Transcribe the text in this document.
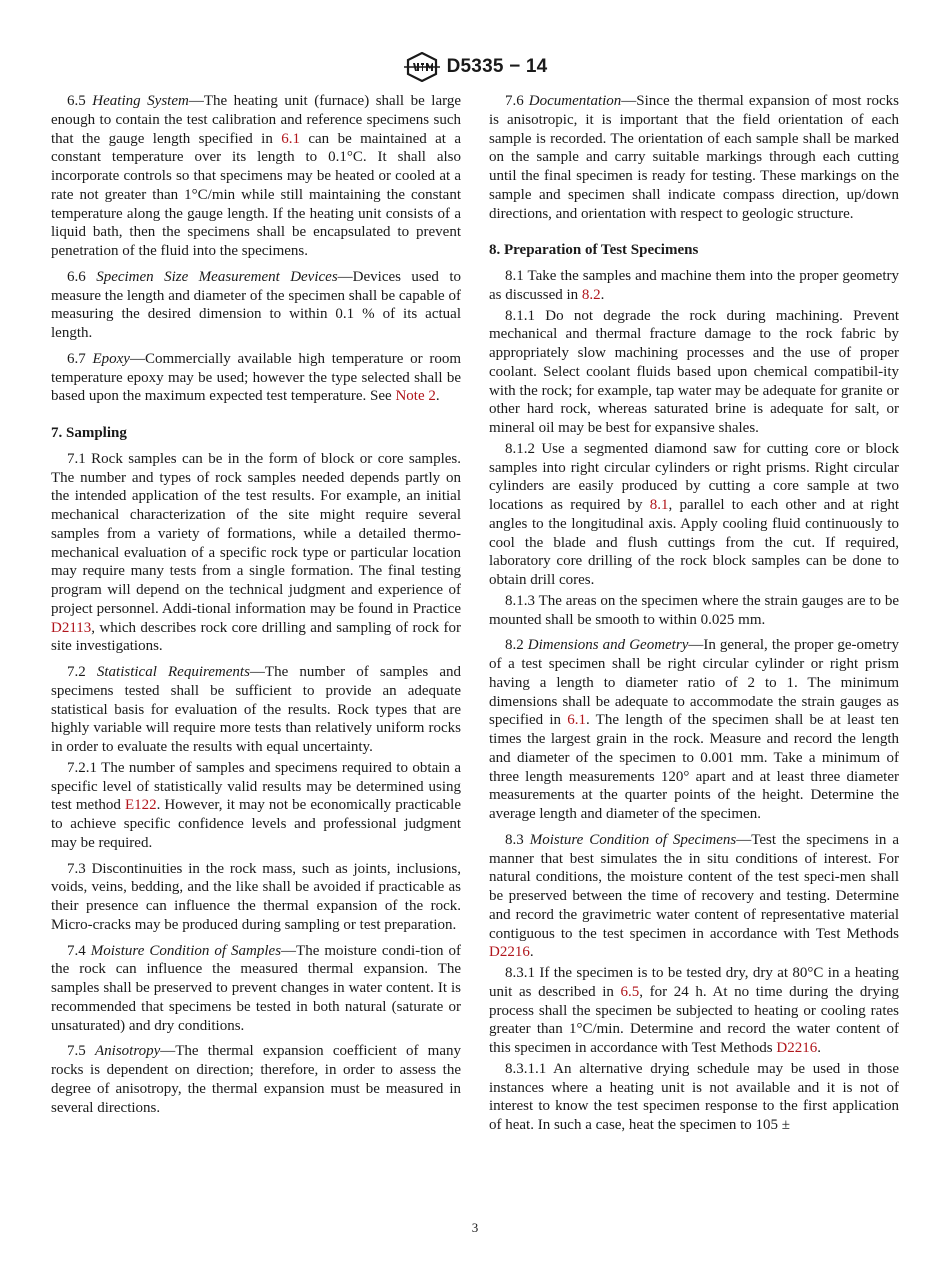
D5335 − 14

6.5 Heating System—The heating unit (furnace) shall be large enough to contain the test calibration and reference specimens such that the gauge length specified in 6.1 can be maintained at a constant temperature over its length to 0.1°C. It shall also incorporate controls so that specimens may be heated or cooled at a rate not greater than 1°C/min while still maintaining the constant temperature along the gauge length. If the heating unit consists of a liquid bath, then the specimens shall be encapsulated to prevent penetration of the fluid into the specimens.

6.6 Specimen Size Measurement Devices—Devices used to measure the length and diameter of the specimen shall be capable of measuring the desired dimension to within 0.1 % of its actual length.

6.7 Epoxy—Commercially available high temperature or room temperature epoxy may be used; however the type selected shall be based upon the maximum expected test temperature. See Note 2.

7. Sampling

7.1 Rock samples can be in the form of block or core samples. The number and types of rock samples needed depends partly on the intended application of the test results. For example, an initial mechanical characterization of the site might require several samples from a variety of formations, while a detailed thermo-mechanical evaluation of a specific rock type or particular location may require many tests from a single formation. The final testing program will depend on the technical judgment and experience of project personnel. Addi-tional information may be found in Practice D2113, which describes rock core drilling and sampling of rock for site investigations.

7.2 Statistical Requirements—The number of samples and specimens tested shall be sufficient to provide an adequate statistical basis for evaluation of the results. Rock types that are highly variable will require more tests than relatively uniform rocks in order to evaluate the results with equal uncertainty.

7.2.1 The number of samples and specimens required to obtain a specific level of statistically valid results may be determined using test method E122. However, it may not be economically practicable to achieve specific confidence levels and professional judgment may be required.

7.3 Discontinuities in the rock mass, such as joints, inclusions, voids, veins, bedding, and the like shall be avoided if practicable as their presence can influence the thermal expansion of the rock. Micro-cracks may be produced during sampling or test preparation.

7.4 Moisture Condition of Samples—The moisture condi-tion of the rock can influence the measured thermal expansion. The samples shall be preserved to prevent changes in water content. It is recommended that specimens be tested in both natural (saturate or unsaturated) and dry conditions.

7.5 Anisotropy—The thermal expansion coefficient of many rocks is dependent on direction; therefore, in order to assess the degree of anisotropy, the thermal expansion must be measured in several directions.

7.6 Documentation—Since the thermal expansion of most rocks is anisotropic, it is important that the field orientation of each sample is recorded. The orientation of each sample shall be marked on the sample and carry suitable markings through each cutting until the final specimen is ready for testing. These markings on the sample and specimen shall indicate compass direction, up/down directions, and orientation with respect to geologic structure.

8. Preparation of Test Specimens

8.1 Take the samples and machine them into the proper geometry as discussed in 8.2.

8.1.1 Do not degrade the rock during machining. Prevent mechanical and thermal fracture damage to the rock fabric by appropriately slow machining processes and the use of proper coolant. Select coolant fluids based upon chemical compatibil-ity with the rock; for example, tap water may be adequate for granite or other hard rock, whereas saturated brine is adequate for salt, or mineral oil may be best for expansive shales.

8.1.2 Use a segmented diamond saw for cutting core or block samples into right circular cylinders or right prisms. Right circular cylinders are easily produced by cutting a core sample at two locations as required by 8.1, parallel to each other and at right angles to the longitudinal axis. Apply cooling fluid continuously to cool the blade and flush cuttings from the cut. If required, laboratory core drilling of the rock block samples can be done to obtain drill cores.

8.1.3 The areas on the specimen where the strain gauges are to be mounted shall be smooth to within 0.025 mm.

8.2 Dimensions and Geometry—In general, the proper ge-ometry of a test specimen shall be right circular cylinder or right prism having a length to diameter ratio of 2 to 1. The minimum dimensions shall be adequate to accommodate the strain gauges as specified in 6.1. The length of the specimen shall be at least ten times the largest grain in the rock. Measure and record the length and diameter of the specimen to 0.001 mm. Take a minimum of three length measurements 120° apart and at least three diameter measurements at the quarter points of the height. Determine the average length and diameter of the specimen.

8.3 Moisture Condition of Specimens—Test the specimens in a manner that best simulates the in situ conditions of interest. For natural conditions, the moisture content of the test speci-men shall be preserved between the time of recovery and testing. Determine and record the gravimetric water content of representative material contiguous to the test specimen in accordance with Test Methods D2216.

8.3.1 If the specimen is to be tested dry, dry at 80°C in a heating unit as described in 6.5, for 24 h. At no time during the drying process shall the specimen be subjected to heating or cooling rates greater than 1°C/min. Determine and record the water content of this specimen in accordance with Test Methods D2216.

8.3.1.1 An alternative drying schedule may be used in those instances where a heating unit is not available and it is not of interest to know the test specimen response to the first application of heat. In such a case, heat the specimen to 105 ±

3
